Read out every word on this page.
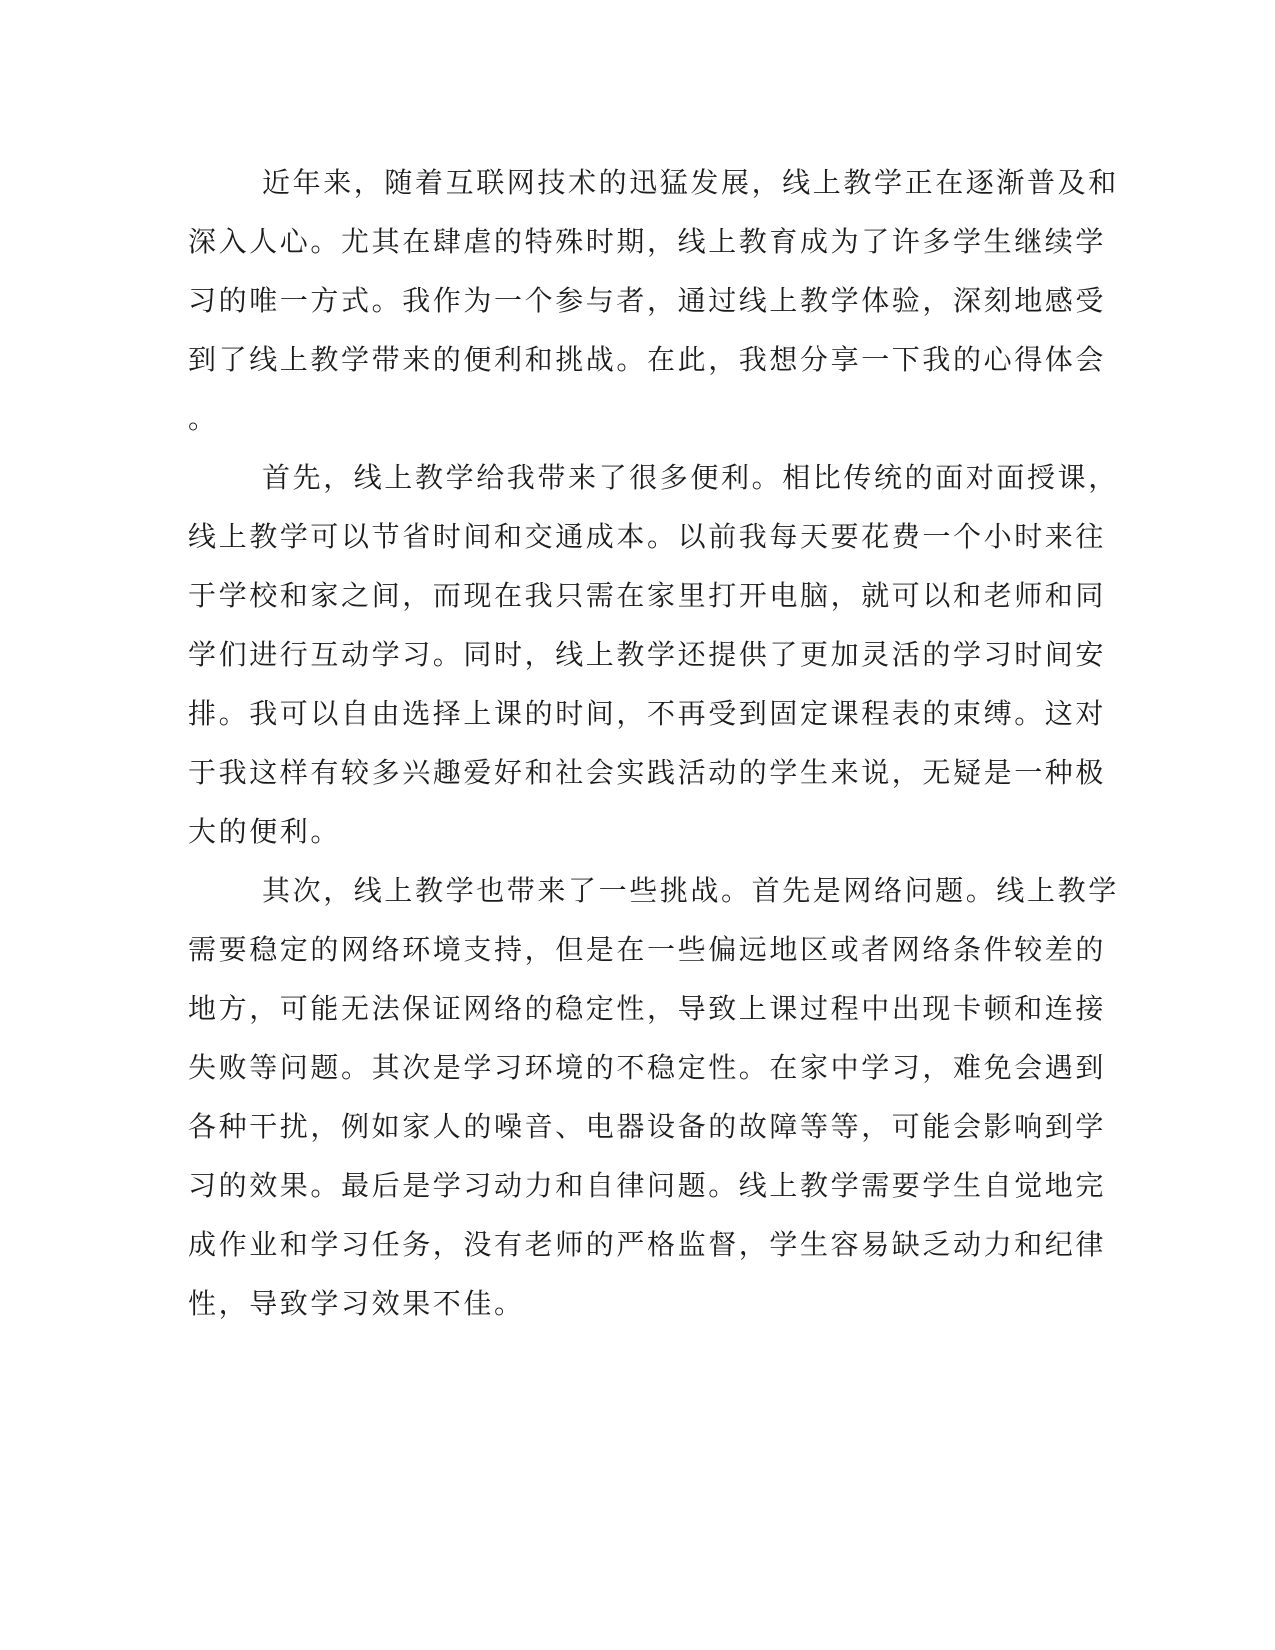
近年来，随着互联网技术的迅猛发展，线上教学正在逐渐普及和
深入人心。尤其在肆虐的特殊时期，线上教育成为了许多学生继续学
习的唯一方式。我作为一个参与者，通过线上教学体验，深刻地感受
到了线上教学带来的便利和挑战。在此，我想分享一下我的心得体会
。
首先，线上教学给我带来了很多便利。相比传统的面对面授课，
线上教学可以节省时间和交通成本。以前我每天要花费一个小时来往
于学校和家之间，而现在我只需在家里打开电脑，就可以和老师和同
学们进行互动学习。同时，线上教学还提供了更加灵活的学习时间安
排。我可以自由选择上课的时间，不再受到固定课程表的束缚。这对
于我这样有较多兴趣爱好和社会实践活动的学生来说，无疑是一种极
大的便利。
其次，线上教学也带来了一些挑战。首先是网络问题。线上教学
需要稳定的网络环境支持，但是在一些偏远地区或者网络条件较差的
地方，可能无法保证网络的稳定性，导致上课过程中出现卡顿和连接
失败等问题。其次是学习环境的不稳定性。在家中学习，难免会遇到
各种干扰，例如家人的噪音、电器设备的故障等等，可能会影响到学
习的效果。最后是学习动力和自律问题。线上教学需要学生自觉地完
成作业和学习任务，没有老师的严格监督，学生容易缺乏动力和纪律
性，导致学习效果不佳。
